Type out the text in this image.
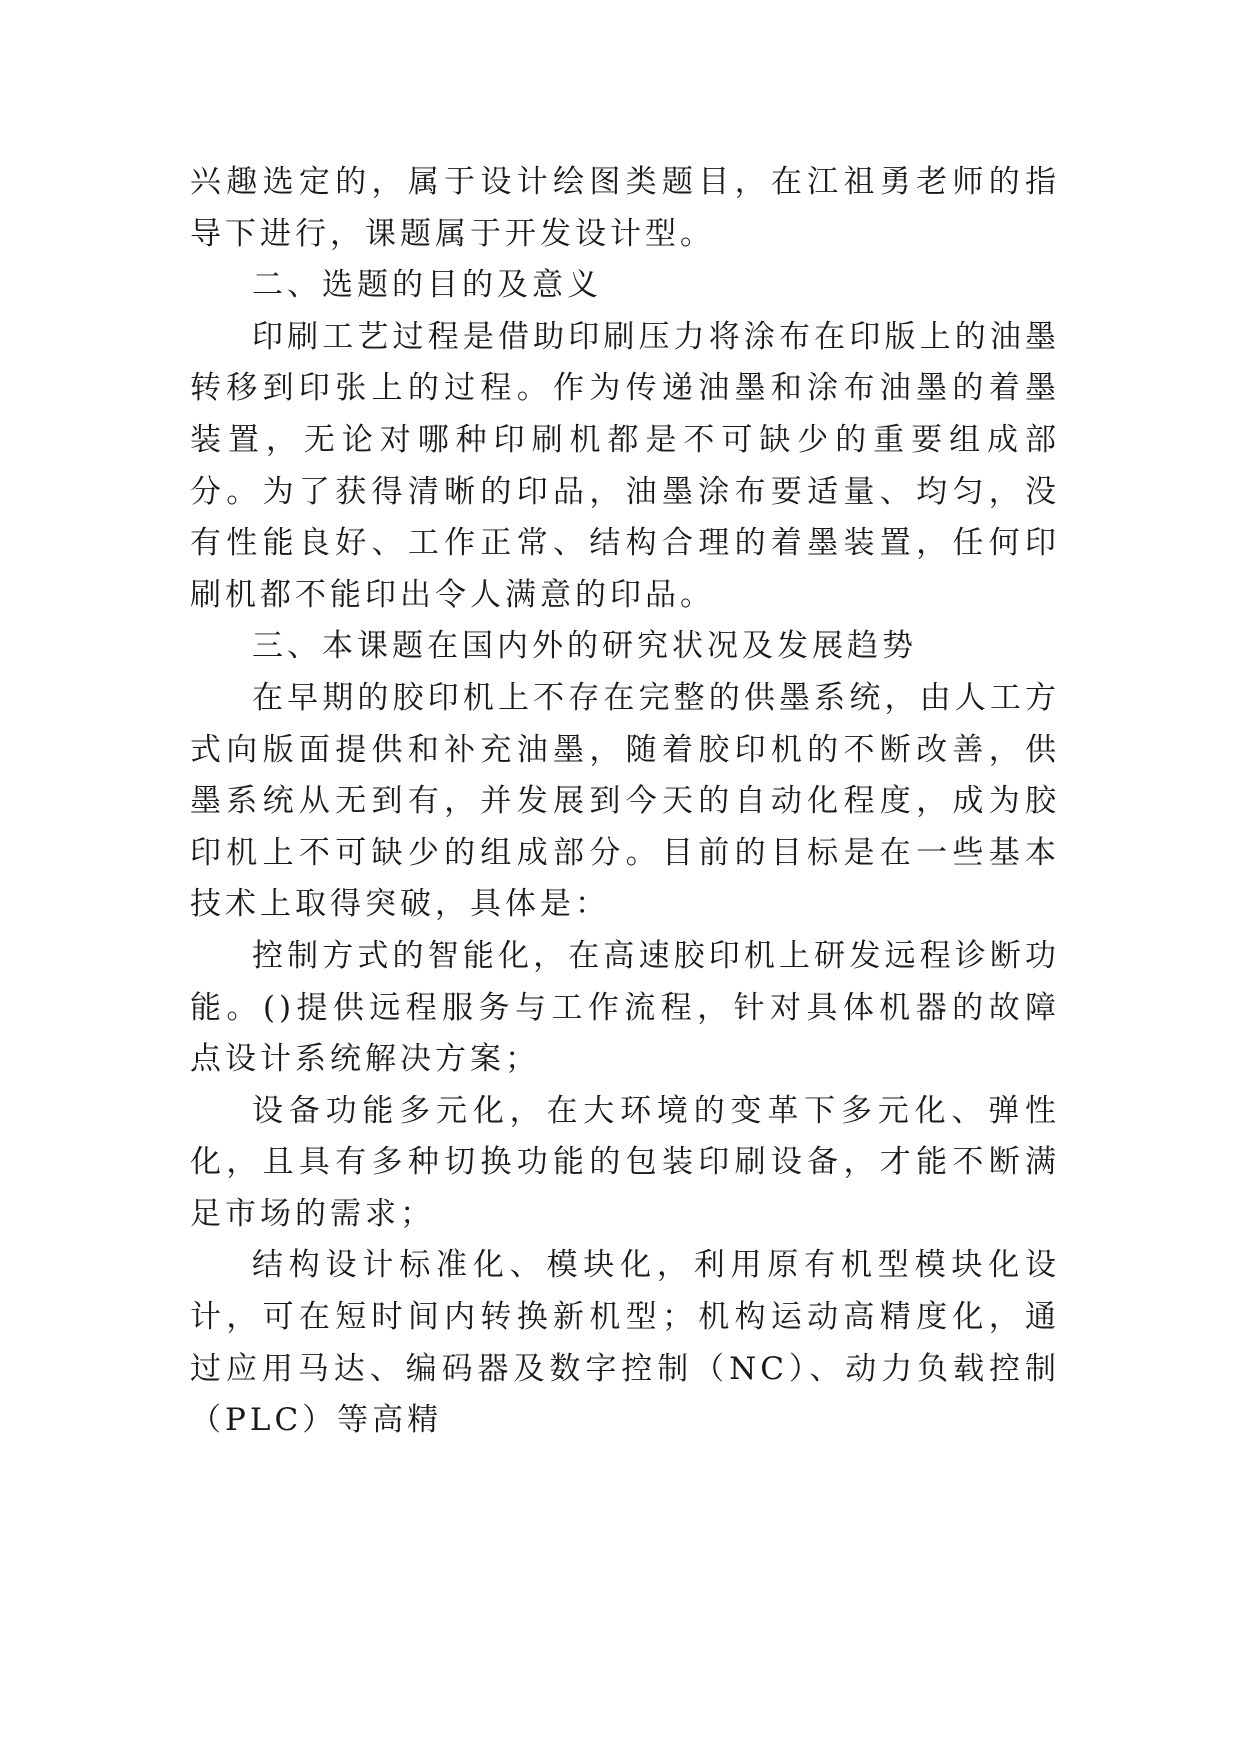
兴趣选定的，属于设计绘图类题目，在江祖勇老师的指导下进行，课题属于开发设计型。

二、选题的目的及意义

印刷工艺过程是借助印刷压力将涂布在印版上的油墨转移到印张上的过程。作为传递油墨和涂布油墨的着墨装置，无论对哪种印刷机都是不可缺少的重要组成部分。为了获得清晰的印品，油墨涂布要适量、均匀，没有性能良好、工作正常、结构合理的着墨装置，任何印刷机都不能印出令人满意的印品。

三、本课题在国内外的研究状况及发展趋势

在早期的胶印机上不存在完整的供墨系统，由人工方式向版面提供和补充油墨，随着胶印机的不断改善，供墨系统从无到有，并发展到今天的自动化程度，成为胶印机上不可缺少的组成部分。目前的目标是在一些基本技术上取得突破，具体是：

控制方式的智能化，在高速胶印机上研发远程诊断功能。()提供远程服务与工作流程，针对具体机器的故障点设计系统解决方案；

设备功能多元化，在大环境的变革下多元化、弹性化，且具有多种切换功能的包装印刷设备，才能不断满足市场的需求；

结构设计标准化、模块化，利用原有机型模块化设计，可在短时间内转换新机型；机构运动高精度化，通过应用马达、编码器及数字控制（NC）、动力负载控制（PLC）等高精
